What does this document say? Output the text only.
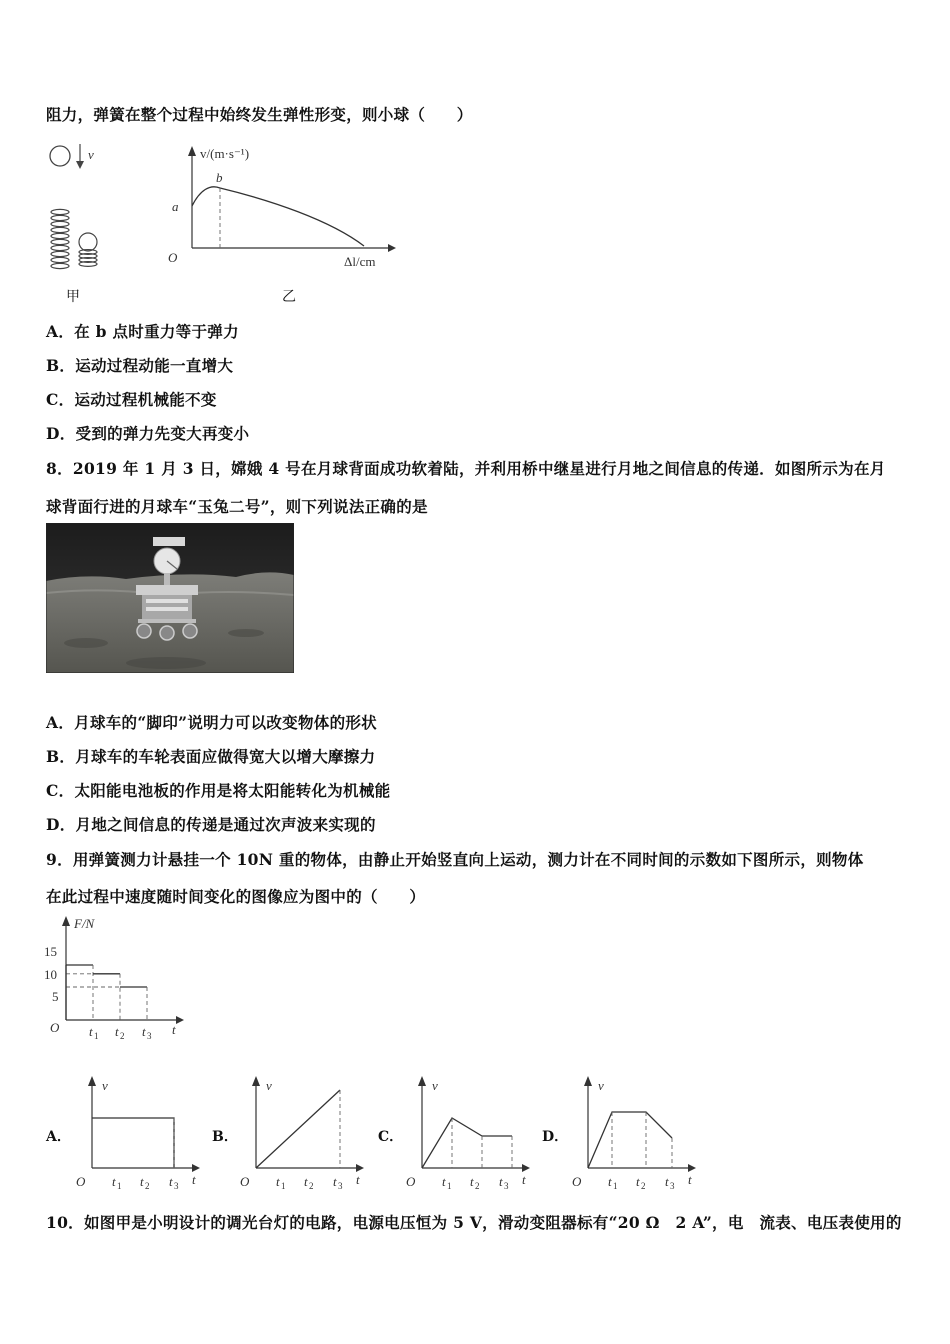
阻力，弹簧在整个过程中始终发生弹性形变，则小球（　　）
v
甲
v/(m·s⁻¹)
Δl/cm
O
a
b
乙
A．在 b 点时重力等于弹力
B．运动过程动能一直增大
C．运动过程机械能不变
D．受到的弹力先变大再变小
8．2019 年 1 月 3 日，嫦娥 4 号在月球背面成功软着陆，并利用桥中继星进行月地之间信息的传递．如图所示为在月
球背面行进的月球车“玉兔二号”，则下列说法正确的是
A．月球车的“脚印”说明力可以改变物体的形状
B．月球车的车轮表面应做得宽大以增大摩擦力
C．太阳能电池板的作用是将太阳能转化为机械能
D．月地之间信息的传递是通过次声波来实现的
9．用弹簧测力计悬挂一个 10N 重的物体，由静止开始竖直向上运动，测力计在不同时间的示数如下图所示，则物体
在此过程中速度随时间变化的图像应为图中的（　　）
F/N
t
O
15
10
5
t 1 t 2 t 3
A．
v
t
O t 1 t 2 t 3
B．
v
t
O t 1 t 2 t 3
C．
v
t
O t 1 t 2 t 3
D．
v
t
O t 1 t 2 t 3
10．如图甲是小明设计的调光台灯的电路，电源电压恒为 5 V，滑动变阻器标有“20 Ω　2 A”，电　流表、电压表使用的
